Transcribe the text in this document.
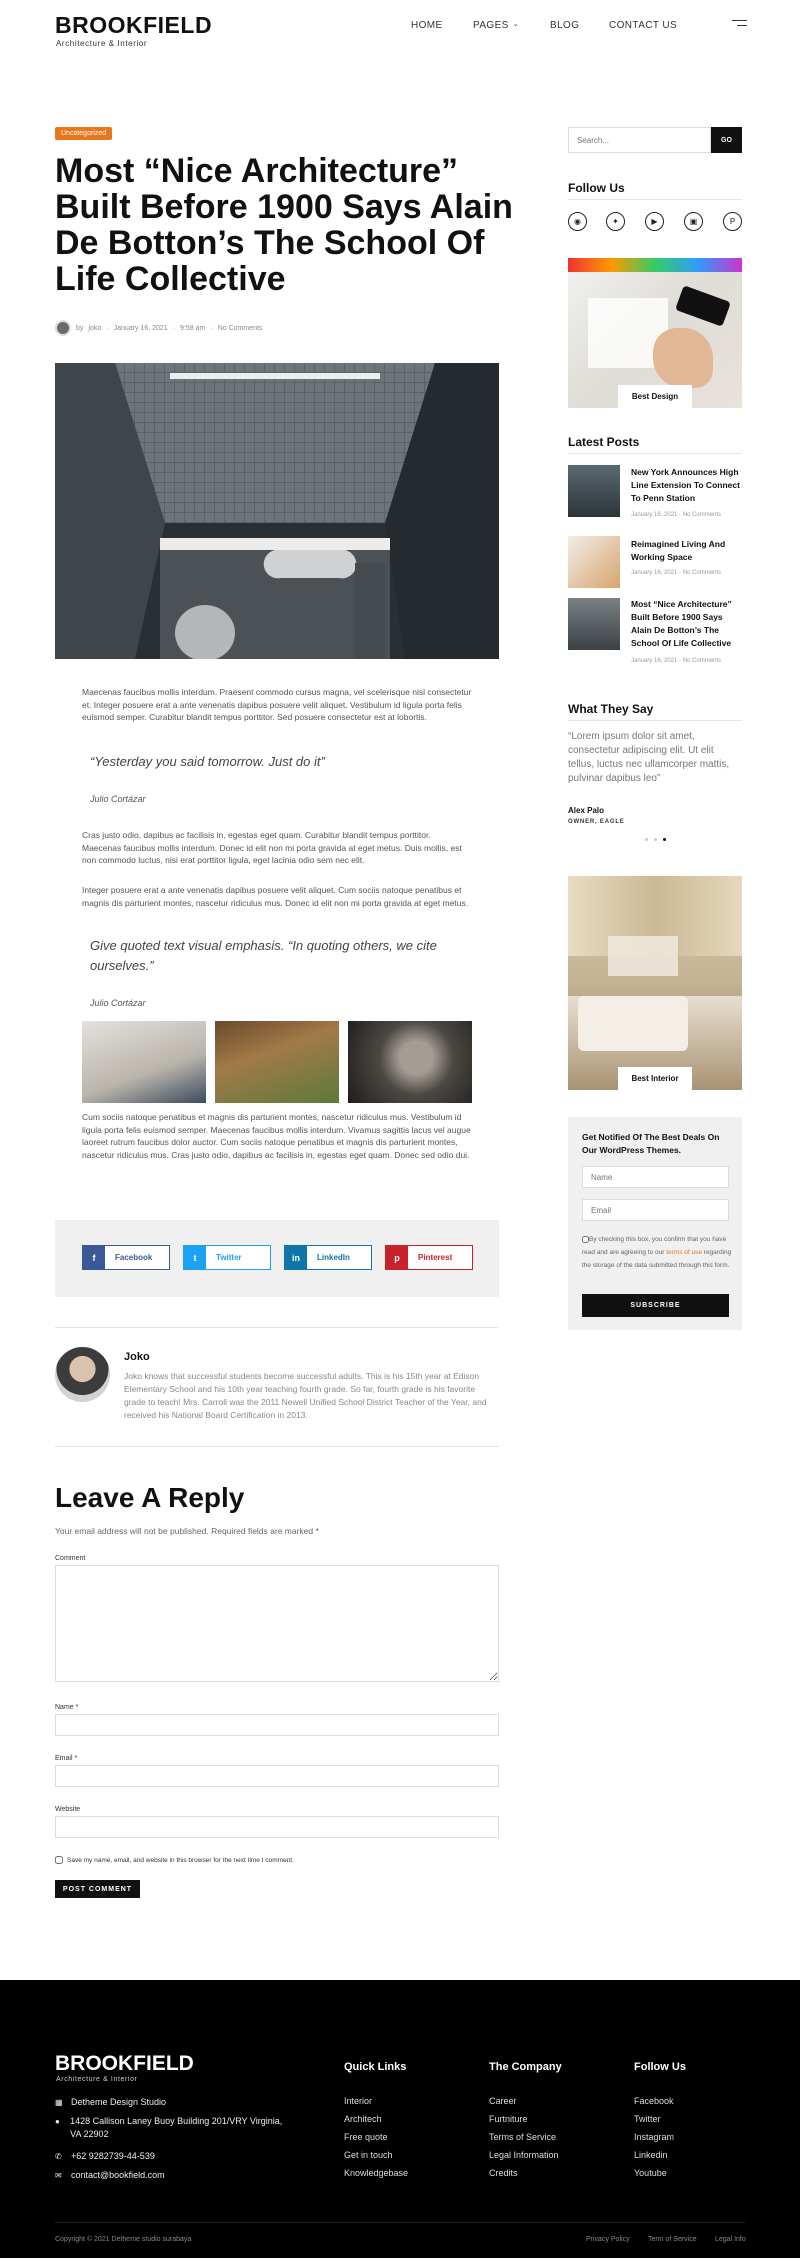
BROOKFIELD
Architecture & Interior
HOME	PAGES ⌄	BLOG	CONTACT US
Uncategorized
Most “Nice Architecture” Built Before 1900 Says Alain De Botton’s The School Of Life Collective
by joko · January 16, 2021 · 9:58 am · No Comments

Maecenas faucibus mollis interdum. Praesent commodo cursus magna, vel scelerisque nisl consectetur et. Integer posuere erat a ante venenatis dapibus posuere velit aliquet. Vestibulum id ligula porta felis euismod semper. Curabitur blandit tempus porttitor. Sed posuere consectetur est at lobortis.

“Yesterday you said tomorrow. Just do it”
Julio Cortázar

Cras justo odio, dapibus ac facilisis in, egestas eget quam. Curabitur blandit tempus porttitor. Maecenas faucibus mollis interdum. Donec id elit non mi porta gravida at eget metus. Duis mollis, est non commodo luctus, nisi erat porttitor ligula, eget lacinia odio sem nec elit.

Integer posuere erat a ante venenatis dapibus posuere velit aliquet. Cum sociis natoque penatibus et magnis dis parturient montes, nascetur ridiculus mus. Donec id elit non mi porta gravida at eget metus.

Give quoted text visual emphasis. “In quoting others, we cite ourselves.”
Julio Cortázar

Cum sociis natoque penatibus et magnis dis parturient montes, nascetur ridiculus mus. Vestibulum id ligula porta felis euismod semper. Maecenas faucibus mollis interdum. Vivamus sagittis lacus vel augue laoreet rutrum faucibus dolor auctor. Cum sociis natoque penatibus et magnis dis parturient montes, nascetur ridiculus mus. Cras justo odio, dapibus ac facilisis in, egestas eget quam. Donec sed odio dui.

f	Facebook	t	Twitter	in	LinkedIn	p	Pinterest
Joko

Joko knows that successful students become successful adults. This is his 15th year at Edison Elementary School and his 10th year teaching fourth grade. So far, fourth grade is his favorite grade to teach! Mrs. Carroll was the 2011 Newell Unified School District Teacher of the Year, and received his National Board Certification in 2013.

Leave A Reply
Your email address will not be published. Required fields are marked *
Comment
Name *
Email *
Website
Save my name, email, and website in this browser for the next time I comment.
POST COMMENT
Search...
GO
Follow Us
◉	✦	▶	▣	P
Best Design
Latest Posts
New York Announces High Line Extension To Connect To Penn Station
January 16, 2021 · No Comments
Reimagined Living And Working Space
January 16, 2021 · No Comments
Most “Nice Architecture” Built Before 1900 Says Alain De Botton’s The School Of Life Collective
January 16, 2021 · No Comments
What They Say

“Lorem ipsum dolor sit amet, consectetur adipiscing elit. Ut elit tellus, luctus nec ullamcorper mattis, pulvinar dapibus leo”

Alex Palo
OWNER, EAGLE
Best Interior
Get Notified Of The Best Deals On Our WordPress Themes.
Name
Email
By checking this box, you confirm that you have read and are agreeing to our terms of use regarding the storage of the data submitted through this form.
SUBSCRIBE
BROOKFIELD
Architecture & Interior
▦ Detheme Design Studio
● 1428 Callison Laney Buoy Building 201/VRY Virginia, VA 22902
✆ +62 9282739-44-539
✉ contact@bookfield.com
Quick Links	The Company	Follow Us
Interior
Architech
Free quote
Get in touch
Knowledgebase
Career
Furtniture
Terms of Service
Legal Information
Credits
Facebook
Twitter
Instagram
Linkedin
Youtube
Copyright © 2021 Detheme studio surabaya	Privacy Policy	Term of Service	Legal Info
